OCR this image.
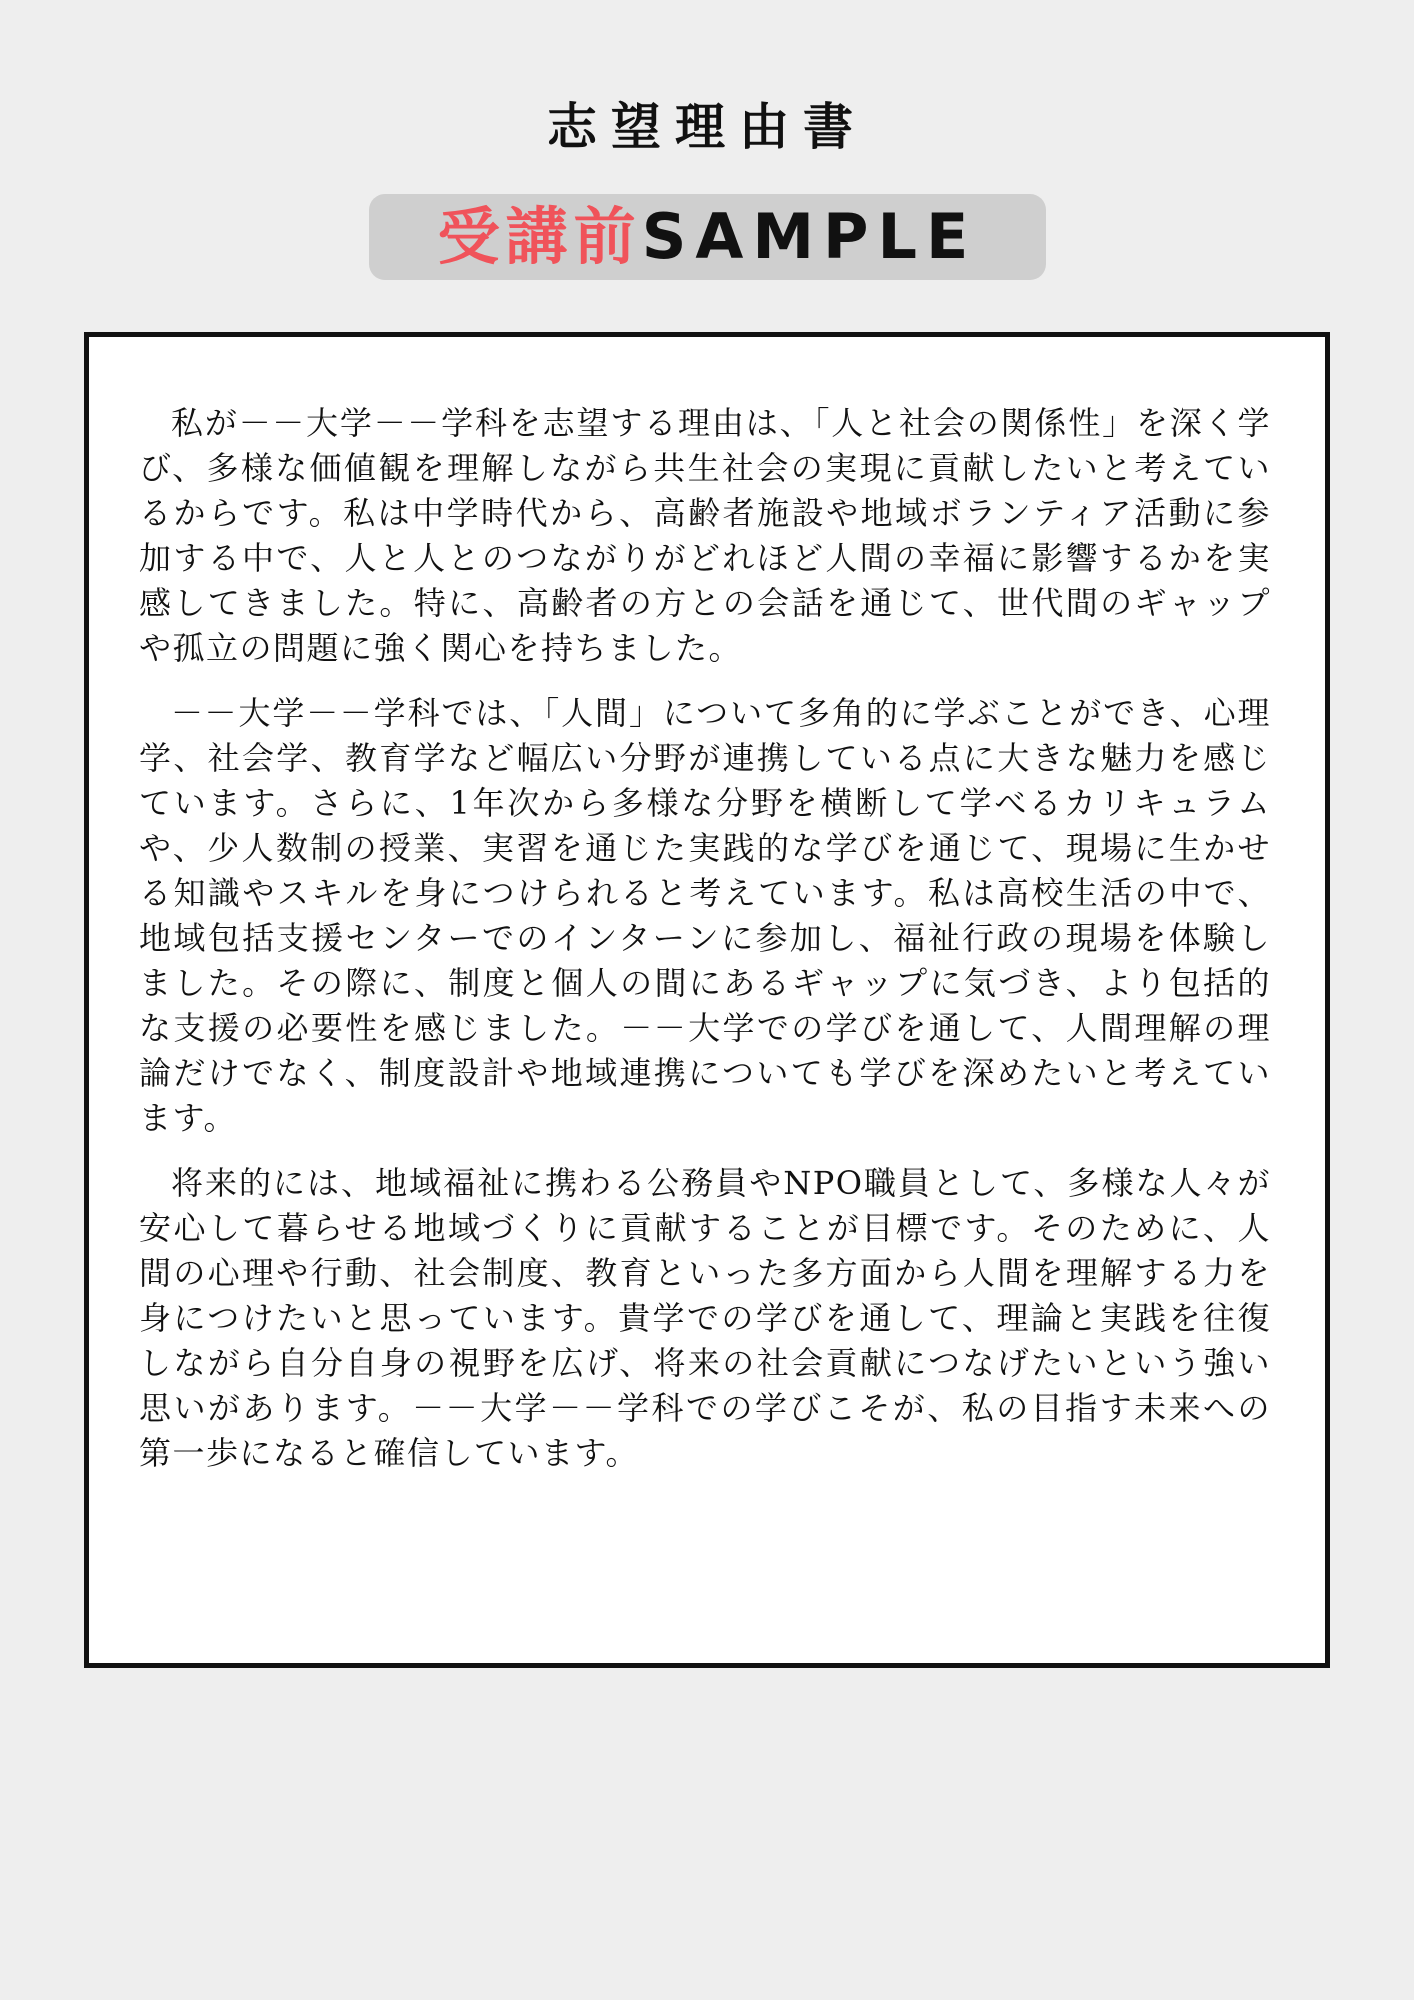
志望理由書
受講前 SAMPLE

私が－－大学－－学科を志望する理由は、「人と社会の関係性」を深く学び、多様な価値観を理解しながら共生社会の実現に貢献したいと考えているからです。私は中学時代から、高齢者施設や地域ボランティア活動に参加する中で、人と人とのつながりがどれほど人間の幸福に影響するかを実感してきました。特に、高齢者の方との会話を通じて、世代間のギャップや孤立の問題に強く関心を持ちました。

－－大学－－学科では、「人間」について多角的に学ぶことができ、心理学、社会学、教育学など幅広い分野が連携している点に大きな魅力を感じています。さらに、1年次から多様な分野を横断して学べるカリキュラムや、少人数制の授業、実習を通じた実践的な学びを通じて、現場に生かせる知識やスキルを身につけられると考えています。私は高校生活の中で、地域包括支援センターでのインターンに参加し、福祉行政の現場を体験しました。その際に、制度と個人の間にあるギャップに気づき、より包括的な支援の必要性を感じました。－－大学での学びを通して、人間理解の理論だけでなく、制度設計や地域連携についても学びを深めたいと考えています。

将来的には、地域福祉に携わる公務員やNPO職員として、多様な人々が安心して暮らせる地域づくりに貢献することが目標です。そのために、人間の心理や行動、社会制度、教育といった多方面から人間を理解する力を身につけたいと思っています。貴学での学びを通して、理論と実践を往復しながら自分自身の視野を広げ、将来の社会貢献につなげたいという強い思いがあります。－－大学－－学科での学びこそが、私の目指す未来への第一歩になると確信しています。
